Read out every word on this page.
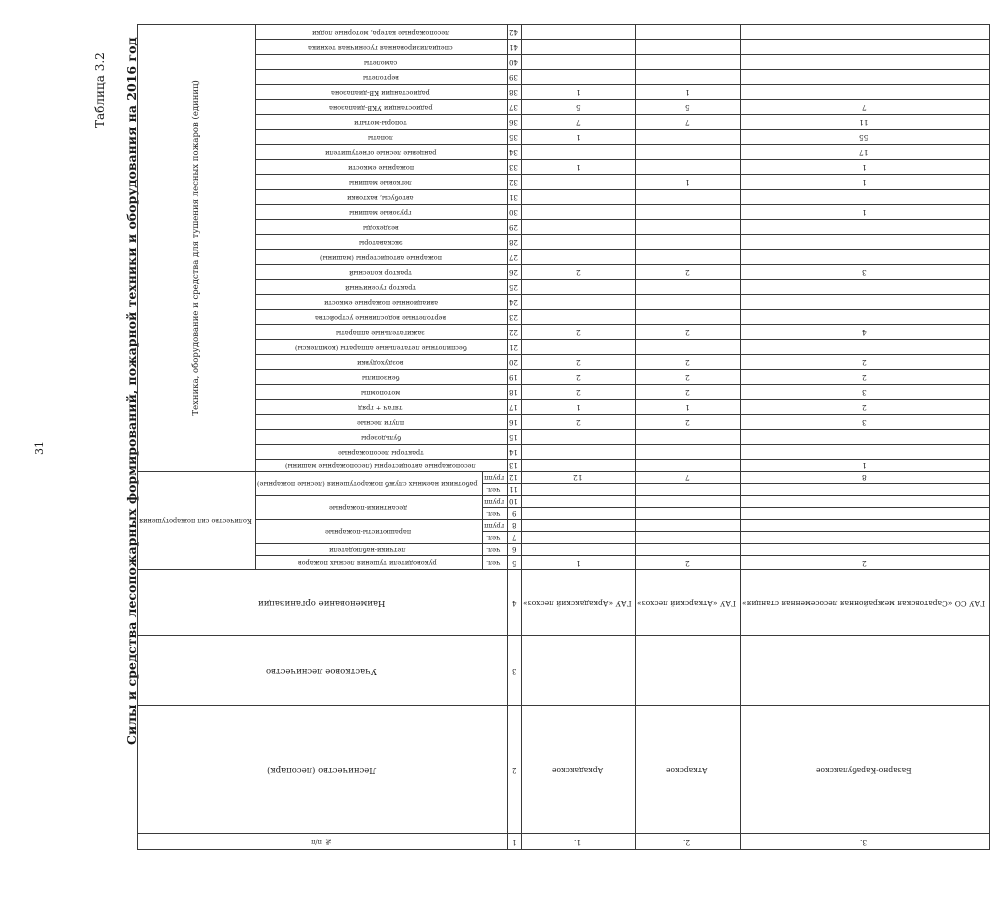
31
Таблица 3.2 Силы и средства лесопожарных формирований, пожарной техники и оборудования на 2016 год
№ п/п	Лесничество (лесопарк)	Участковое лесничество	Наименование организации	Количество сил пожаротушения								Техника, оборудование и средства для тушения лесных пожаров (единиц)																													
				руководители тушения лесных пожаров	летчики-наблюдатели	парашютисты-пожарные		десантники-пожарные		работники наемных служб пожаротушения (лесные пожарные)		лесопожарные автоцистерны (лесопожарные машины)	тракторы лесопожарные	бульдозеры	плуги лесные	тягач + гряд	мотопомпы	бензопилы	воздуходувки	беспилотные летательные аппараты (комплексы)	зажигательные аппараты	вертолетные водосливные устройства	авиационные пожарные емкости	трактор гусеничный	трактор колесный	пожарные автоцистерны (машины)	экскаваторы	вездеходы	грузовые машины	автобусы, вахтовки	легковые машины	пожарные емкости	ранцевые лесные огнетушители	лопаты	топоры-мотыги	радиостанции УКВ-диапазона	радиостанции КВ-диапазона	вертолеты	самолеты	специализированная гусеничная техника	лесопожарные катера, моторные лодки
				чел.	чел.	чел.	групп	чел.	групп	чел.	групп																														
1	2	3	4	5	6	7	8	9	10	11	12	13	14	15	16	17	18	19	20	21	22	23	24	25	26	27	28	29	30	31	32	33	34	35	36	37	38	39	40	41	42
1.	Аркадакское		ГАУ «Аркадакский лесхоз»	1							12				2	1	2	2	2		2				2							1		1	7	5	1				
2.	Аткарское		ГАУ «Аткарский лесхоз»	2							7				2	1	2	2	2		2				2						1				7	5	1				
3.	Базарно-Карабулакское		ГАУ СО «Саратовская межрайонная лесосеменная станция»	2							8	1			3	2	3	2	2		4				3				1		1	1	17	55	11	7					
